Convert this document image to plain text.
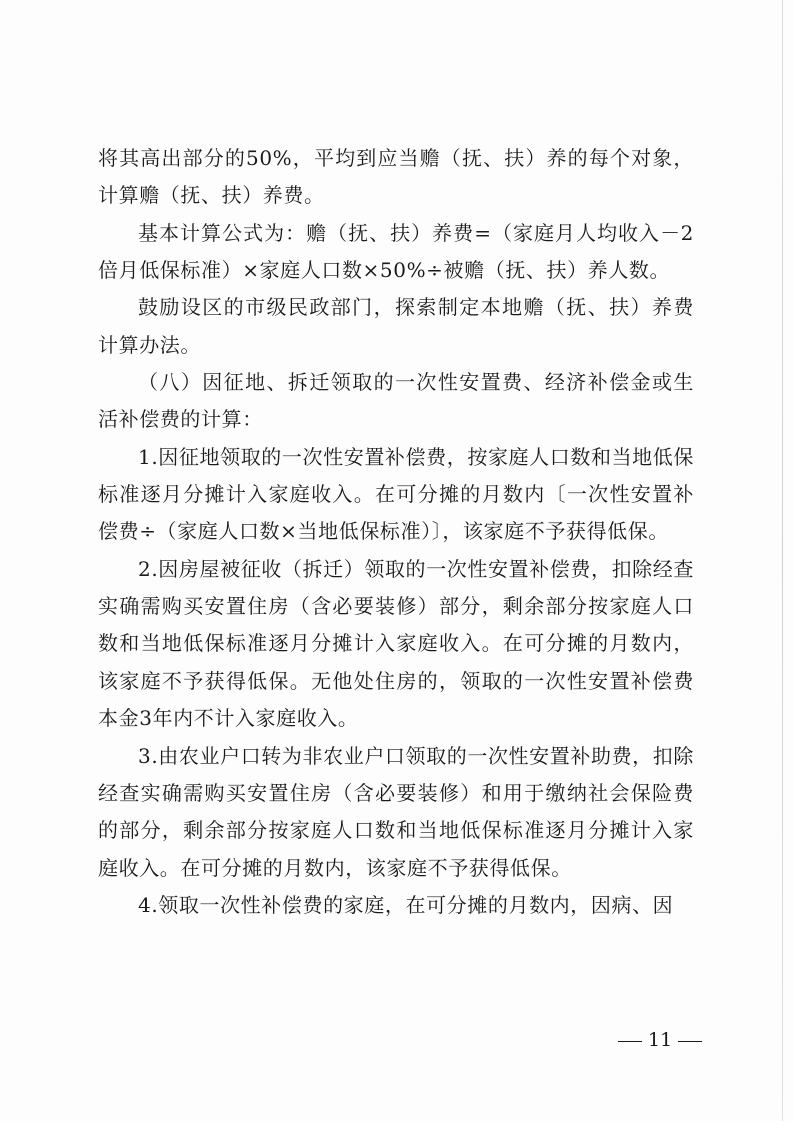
将其高出部分的50%，平均到应当赡（抚、扶）养的每个对象，计算赡（抚、扶）养费。

基本计算公式为：赡（抚、扶）养费=（家庭月人均收入－2倍月低保标准）×家庭人口数×50%÷被赡（抚、扶）养人数。

鼓励设区的市级民政部门，探索制定本地赡（抚、扶）养费计算办法。

（八）因征地、拆迁领取的一次性安置费、经济补偿金或生活补偿费的计算：

1.因征地领取的一次性安置补偿费，按家庭人口数和当地低保标准逐月分摊计入家庭收入。在可分摊的月数内〔一次性安置补偿费÷（家庭人口数×当地低保标准）〕，该家庭不予获得低保。

2.因房屋被征收（拆迁）领取的一次性安置补偿费，扣除经查实确需购买安置住房（含必要装修）部分，剩余部分按家庭人口数和当地低保标准逐月分摊计入家庭收入。在可分摊的月数内，该家庭不予获得低保。无他处住房的，领取的一次性安置补偿费本金3年内不计入家庭收入。

3.由农业户口转为非农业户口领取的一次性安置补助费，扣除经查实确需购买安置住房（含必要装修）和用于缴纳社会保险费的部分，剩余部分按家庭人口数和当地低保标准逐月分摊计入家庭收入。在可分摊的月数内，该家庭不予获得低保。

4.领取一次性补偿费的家庭，在可分摊的月数内，因病、因

11
